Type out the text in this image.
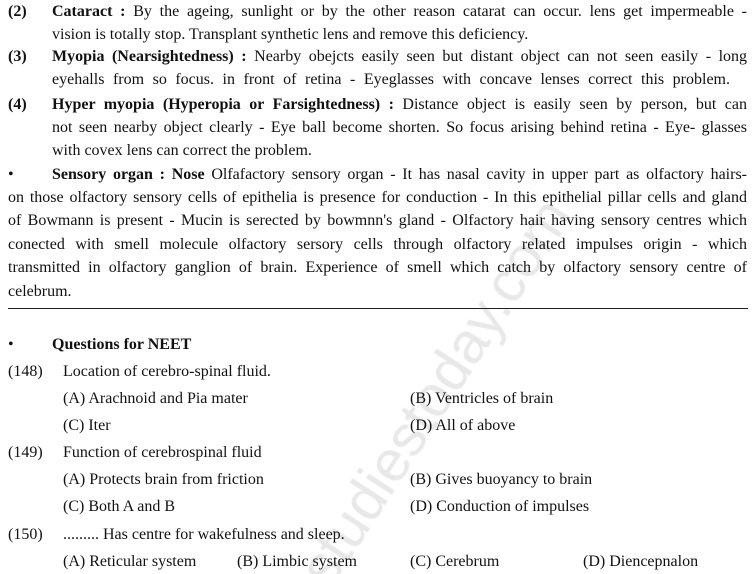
(2) Cataract : By the ageing, sunlight or by the other reason catarat can occur. lens get impermeable -
vision is totally stop. Transplant synthetic lens and remove this deficiency.
(3) Myopia (Nearsightedness) : Nearby obejcts easily seen but distant object can not seen easily - long
eyehalls from so focus. in front of retina - Eyeglasses with concave lenses correct this problem.
(4) Hyper myopia (Hyperopia or Farsightedness) : Distance object is easily seen by person, but can
not seen nearby object clearly - Eye ball become shorten. So focus arising behind retina - Eye- glasses
with covex lens can correct the problem.
• Sensory organ : Nose Olfafactory sensory organ - It has nasal cavity in upper part as olfactory hairs-
on those olfactory sensory cells of epithelia is presence for conduction - In this epithelial pillar cells and gland
of Bowmann is present - Mucin is serected by bowmnn's gland - Olfactory hair having sensory centres which
conected with smell molecule olfactory sersory cells through olfactory related impulses origin - which
transmitted in olfactory ganglion of brain. Experience of smell which catch by olfactory sensory centre of
celebrum.
• Questions for NEET
(148) Location of cerebro-spinal fluid.
(A) Arachnoid and Pia mater	(B) Ventricles of brain
(C) Iter	(D) All of above
(149) Function of cerebrospinal fluid
(A) Protects brain from friction	(B) Gives buoyancy to brain
(C) Both A and B	(D) Conduction of impulses
(150) ......... Has centre for wakefulness and sleep.
(A) Reticular system	(B) Limbic system	(C) Cerebrum	(D) Diencepnalon
